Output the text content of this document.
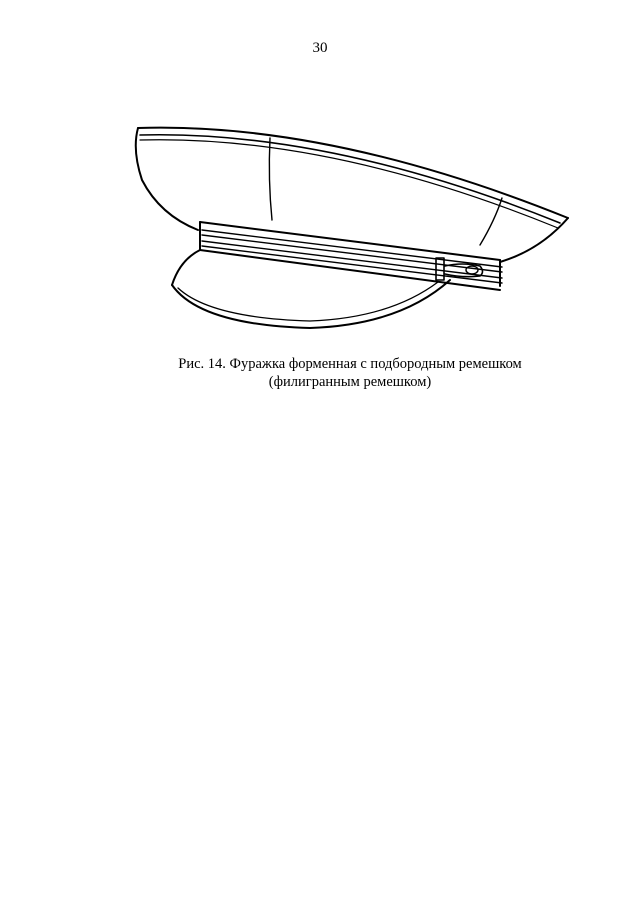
30
Рис. 14. Фуражка форменная с подбородным ремешком
(филигранным ремешком)
